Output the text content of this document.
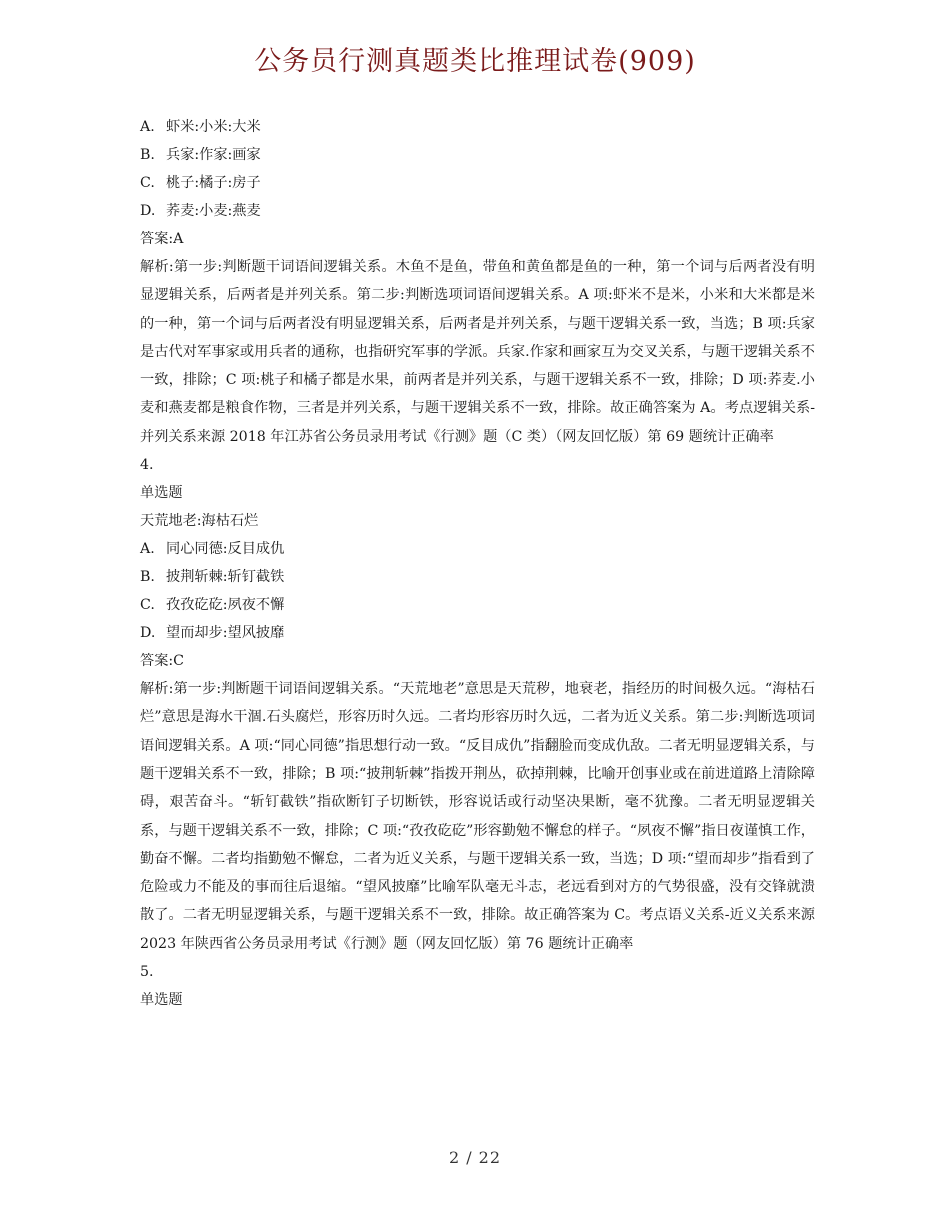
公务员行测真题类比推理试卷(909)
A. 虾米:小米:大米
B. 兵家:作家:画家
C. 桃子:橘子:房子
D. 荞麦:小麦:燕麦
答案:A
解析:第一步:判断题干词语间逻辑关系。木鱼不是鱼，带鱼和黄鱼都是鱼的一种，第一个词与后两者没有明显逻辑关系，后两者是并列关系。第二步:判断选项词语间逻辑关系。A 项:虾米不是米，小米和大米都是米的一种，第一个词与后两者没有明显逻辑关系，后两者是并列关系，与题干逻辑关系一致，当选；B 项:兵家是古代对军事家或用兵者的通称，也指研究军事的学派。兵家.作家和画家互为交叉关系，与题干逻辑关系不一致，排除；C 项:桃子和橘子都是水果，前两者是并列关系，与题干逻辑关系不一致，排除；D 项:荞麦.小麦和燕麦都是粮食作物，三者是并列关系，与题干逻辑关系不一致，排除。故正确答案为 A。考点逻辑关系-并列关系来源 2018 年江苏省公务员录用考试《行测》题（C 类）（网友回忆版）第 69 题统计正确率
4.
单选题
天荒地老:海枯石烂
A. 同心同德:反目成仇
B. 披荆斩棘:斩钉截铁
C. 孜孜矻矻:夙夜不懈
D. 望而却步:望风披靡
答案:C
解析:第一步:判断题干词语间逻辑关系。“天荒地老”意思是天荒秽，地衰老，指经历的时间极久远。“海枯石烂”意思是海水干涸.石头腐烂，形容历时久远。二者均形容历时久远，二者为近义关系。第二步:判断选项词语间逻辑关系。A 项:“同心同德”指思想行动一致。“反目成仇”指翻脸而变成仇敌。二者无明显逻辑关系，与题干逻辑关系不一致，排除；B 项:“披荆斩棘”指拨开荆丛，砍掉荆棘，比喻开创事业或在前进道路上清除障碍，艰苦奋斗。“斩钉截铁”指砍断钉子切断铁，形容说话或行动坚决果断，毫不犹豫。二者无明显逻辑关系，与题干逻辑关系不一致，排除；C 项:“孜孜矻矻”形容勤勉不懈怠的样子。“夙夜不懈”指日夜谨慎工作，勤奋不懈。二者均指勤勉不懈怠，二者为近义关系，与题干逻辑关系一致，当选；D 项:“望而却步”指看到了危险或力不能及的事而往后退缩。“望风披靡”比喻军队毫无斗志，老远看到对方的气势很盛，没有交锋就溃散了。二者无明显逻辑关系，与题干逻辑关系不一致，排除。故正确答案为 C。考点语义关系-近义关系来源 2023 年陕西省公务员录用考试《行测》题（网友回忆版）第 76 题统计正确率
5.
单选题
2 / 22
